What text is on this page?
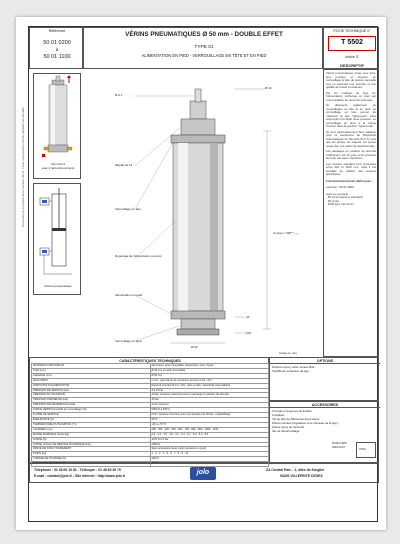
Référence
50 01 0200
à
50 01 1100
VÉRINS PNEUMATIQUES Ø 50 mm - DOUBLE EFFET
TYPE 01
ALIMENTATION EN PIED - VERROUILLAGE EN TÊTE ET EN PIED
FICHE TECHNIQUE n°
T 5502
indice G
DESCRIPTIF
Vérin fourni
avec 2 raccords tournants
Schéma pneumatique
Ø A 1
Ø 16
Méplat de 13
Verrouillage en tête
Course = 200⁺⁰₋₁,₅
Repérage de l'alimentation ouvrant
Alimentation en pied
Verrouillage en pied
22
100
Ø 60
Cotes en mm

Vérins pneumatiques longs pour tenir, leur pousser et déposer en verrouillage le tête de pièces manuelle tout en assurant une sécurité et une qualité de travail constantes.

Sur les modèles de type 01, l'alimentation s'effectue en pied par l'intermédiaire de raccords tournants.

Ils disposent également de verrouillages en tête et en pied. Le verrouillage en tête permet de maintenir la tige "rigoureuse" sans interruption du débit sous pression. Le verrouillage en pied à la même fonction dans la position "rigoureuse".

Ils sont particulièrement bien adaptés pour la manœuvre de Dispositifs Automatiques de Sécurité (D.A.S.) tels que les portes, les clapets, les portes coupe-feu, les volets de désenfumage.

Les passages en position de sécurité s'effectuent par la mise sous pression de l'une des deux chambres.

Les courses standard sont comprises entre 200 et 1100 mm, mais il est possible de réaliser des courses spécifiques.

Fonctionnement bien défini avec :

exemple : 50 01 0800

Avec en exemple :

- 50 mm/s (dans le standard)

- 35 mm/s

- 2500 kg/s (de force)

CARACTÉRISTIQUES TECHNIQUES
MATÉRIAUX PRINCIPAUX	Aluminium, acier inoxydable, élastomère, acier zingué
TIGE (mm)	Ø 16 mm en acier inoxydable
ALÉSAGE (mm)	Ø 50 mm
RACCORDS	G 1/4 - pas interne de connexion par tout à 1/4 - Ø 4
DISPOSITIF D'ALIMENTATION	Raccord tournant M 1/4 + PH, visse à vérin, étanchéité intermédiaire
PRESSION DE SERVICE (bar)	3 à 10 bar
PRESSION D'UTILISATION	10 bar, pression maximum pour un passage en position de sécurité
PRESSION D'ÉPREUVE (bar)	15 bar
PRESSION DE DÉVERROUILLAGE	4 bar minimum
FORCE VERROUILLAGE (en verrouillage) (N)	5000 N à 300°C
FLUIDE DE SERVICE	CO2 / pression minimum pour une pression de 20 bar - rééquilibrage
ENDURANCE (%)	95 %
TEMPÉRATURE D'UTILISATION (°C)	-20 à +70 °C
COURSES (mm)	200 · 300 · 400 · 500 · 600 · 700 · 800 · 900 · 1000 · 1100
MASSE NOMINALE Sortie (kg)	2,9 · 3,2 · 3,5 · 3,8 · 4,1 · 4,4 · 4,7 · 5,0 · 5,3 · 5,6
FORCE (N)	1170 N à 6 bar
FORCE (10 bar) DE SERVICE DYNAMIQUE (bar)	1960 N
INDICE DE FONCTIONNEMENT	Sans accessoire (avec option pression en pied)
POIDS (kg)	1 · 2 · 3 · 4 · 5 · 6 · 7 · 8 · 9 · 10
VITESSE DE POUSSÉE (%)	100 %
FORCES DE TRACTION (N)	85 kN
OPTIONS
Finitions époxy selon teintes RAL.
Soufflet de protection de tige.
ACCESSOIRES
Console et équerres de fixation.
Coquilles.
Vis de tête de différentes dimensions.
Pièces usinées (régulateur et le clameau de la tige).
Autres types de raccords.
Set de déverrouillage.
DATE D'APP.
2020-09-07	VISA
Téléphone : 01 48 06 15 82 - Télécopie : 01 48 60 26 70
E-mail : contact@jolo.fr - Site internet : http://www.jolo.fr	jolo	ZA Central Parc - 1, allée du Sorgiler
93420 VILLEPINTE CEDEX
Document la propriété de la Société JOLO. Toute reproduction même partielle est interdite.
